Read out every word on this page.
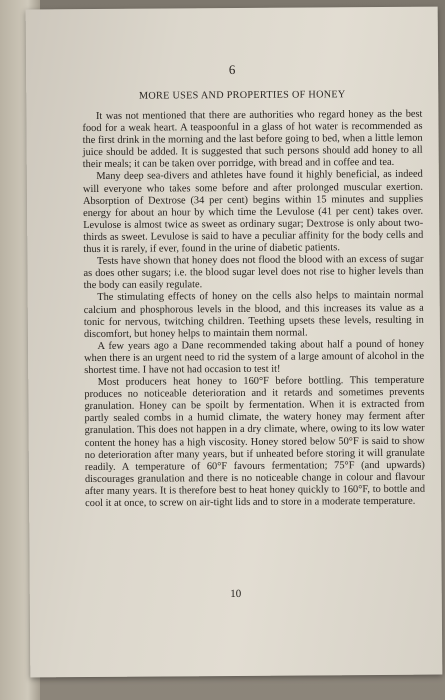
6
MORE USES AND PROPERTIES OF HONEY

It was not mentioned that there are authorities who regard honey as the best food for a weak heart. A teaspoonful in a glass of hot water is recommended as the first drink in the morning and the last before going to bed, when a little lemon juice should be added. It is suggested that such persons should add honey to all their meals; it can be taken over porridge, with bread and in coffee and tea.

Many deep sea-divers and athletes have found it highly beneficial, as indeed will everyone who takes some before and after prolonged muscular exertion. Absorption of Dextrose (34 per cent) begins within 15 minutes and supplies energy for about an hour by which time the Levulose (41 per cent) takes over. Levulose is almost twice as sweet as ordinary sugar; Dextrose is only about two-thirds as sweet. Levulose is said to have a peculiar affinity for the body cells and thus it is rarely, if ever, found in the urine of diabetic patients.

Tests have shown that honey does not flood the blood with an excess of sugar as does other sugars; i.e. the blood sugar level does not rise to higher levels than the body can easily regulate.

The stimulating effects of honey on the cells also helps to maintain normal calcium and phosphorous levels in the blood, and this increases its value as a tonic for nervous, twitching children. Teething upsets these levels, resulting in discomfort, but honey helps to maintain them normal.

A few years ago a Dane recommended taking about half a pound of honey when there is an urgent need to rid the system of a large amount of alcohol in the shortest time. I have not had occasion to test it!

Most producers heat honey to 160°F before bottling. This temperature produces no noticeable deterioration and it retards and sometimes prevents granulation. Honey can be spoilt by fermentation. When it is extracted from partly sealed combs in a humid climate, the watery honey may ferment after granulation. This does not happen in a dry climate, where, owing to its low water content the honey has a high viscosity. Honey stored below 50°F is said to show no deterioration after many years, but if unheated before storing it will granulate readily. A temperature of 60°F favours fermentation; 75°F (and upwards) discourages granulation and there is no noticeable change in colour and flavour after many years. It is therefore best to heat honey quickly to 160°F, to bottle and cool it at once, to screw on air-tight lids and to store in a moderate temperature.

10
